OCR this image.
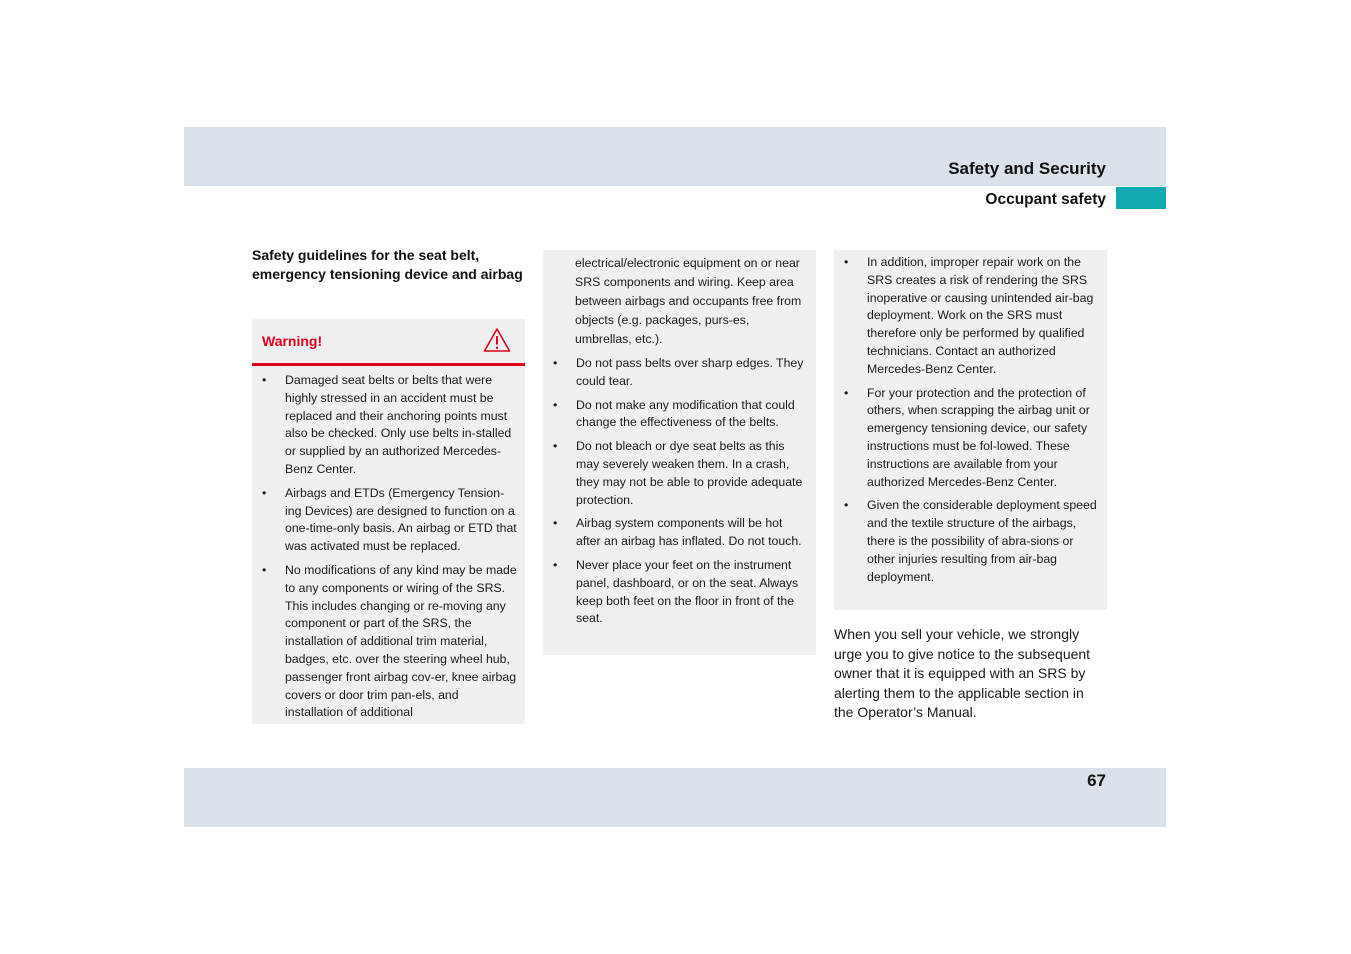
Safety and Security
Occupant safety
Safety guidelines for the seat belt, emergency tensioning device and airbag
Warning!
• Damaged seat belts or belts that were highly stressed in an accident must be replaced and their anchoring points must also be checked. Only use belts in-stalled or supplied by an authorized Mercedes-Benz Center.
• Airbags and ETDs (Emergency Tension-ing Devices) are designed to function on a one-time-only basis. An airbag or ETD that was activated must be replaced.
• No modifications of any kind may be made to any components or wiring of the SRS. This includes changing or re-moving any component or part of the SRS, the installation of additional trim material, badges, etc. over the steering wheel hub, passenger front airbag cov-er, knee airbag covers or door trim pan-els, and installation of additional
electrical/electronic equipment on or near SRS components and wiring. Keep area between airbags and occupants free from objects (e.g. packages, purs-es, umbrellas, etc.).
• Do not pass belts over sharp edges. They could tear.
• Do not make any modification that could change the effectiveness of the belts.
• Do not bleach or dye seat belts as this may severely weaken them. In a crash, they may not be able to provide adequate protection.
• Airbag system components will be hot after an airbag has inflated. Do not touch.
• Never place your feet on the instrument panel, dashboard, or on the seat. Always keep both feet on the floor in front of the seat.
• In addition, improper repair work on the SRS creates a risk of rendering the SRS inoperative or causing unintended air-bag deployment. Work on the SRS must therefore only be performed by qualified technicians. Contact an authorized Mercedes-Benz Center.
• For your protection and the protection of others, when scrapping the airbag unit or emergency tensioning device, our safety instructions must be fol-lowed. These instructions are available from your authorized Mercedes-Benz Center.
• Given the considerable deployment speed and the textile structure of the airbags, there is the possibility of abra-sions or other injuries resulting from air-bag deployment.
When you sell your vehicle, we strongly urge you to give notice to the subsequent owner that it is equipped with an SRS by alerting them to the applicable section in the Operator’s Manual.
67
